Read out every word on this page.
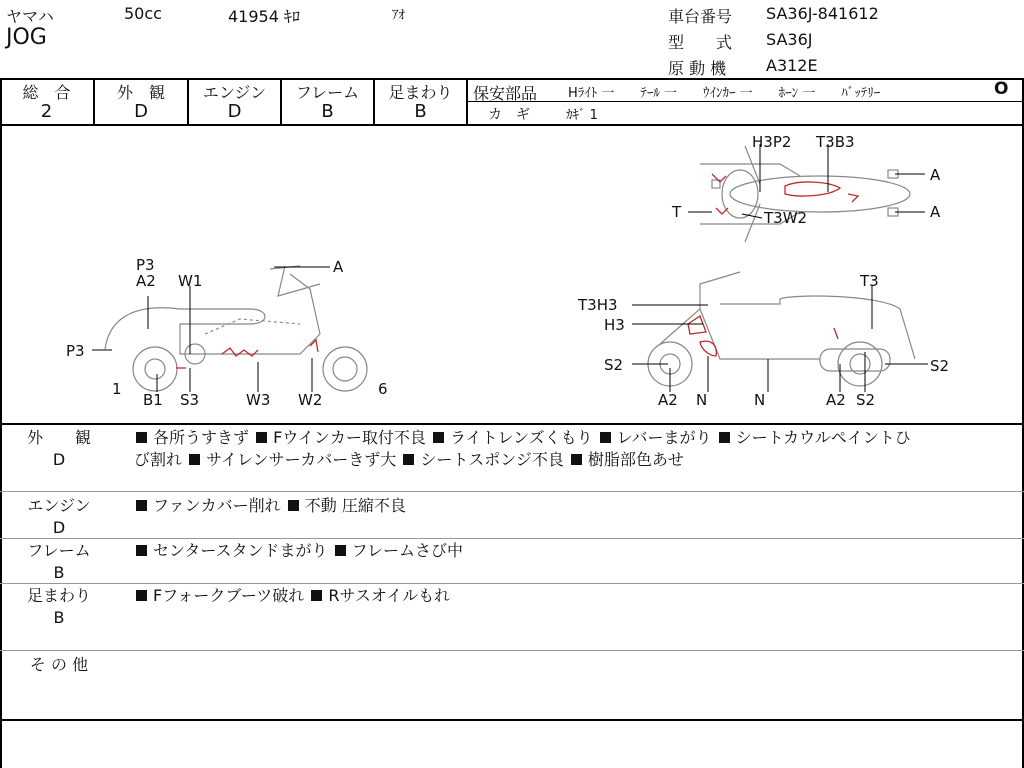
ヤマハ	50cc	41954 ｷﾛ	ｱｵ
JOG
車台番号 SA36J-841612
型　　式 SA36J
原 動 機 A312E
総　合
2
外　観
D
エンジン
D
フレーム
B
足まわり
B
保安部品 Hﾗｲﾄ 一　　ﾃｰﾙ 一　　ｳｲﾝｶｰ 一　　ﾎｰﾝ 一　　ﾊﾞｯﾃﾘｰ	O
カ　ギ	ｶｷﾞ 1
H3P2 T3B3
A
A
T	T3W2
P3
A2 W1
A
P3
1
B1 S3	W3 W2
6
T3H3
H3
T3
S2	S2
A2 N	N	A2 S2
外　　観
D
各所うすきず Fウインカー取付不良 ライトレンズくもり レバーまがり シートカウルペイントひ
び割れ サイレンサーカバーきず大 シートスポンジ不良 樹脂部色あせ
エンジン
D
ファンカバー削れ 不動 圧縮不良
フレーム
B
センタースタンドまがり フレームさび中
足まわり
B
Fフォークブーツ破れ Rサスオイルもれ
そ の 他
